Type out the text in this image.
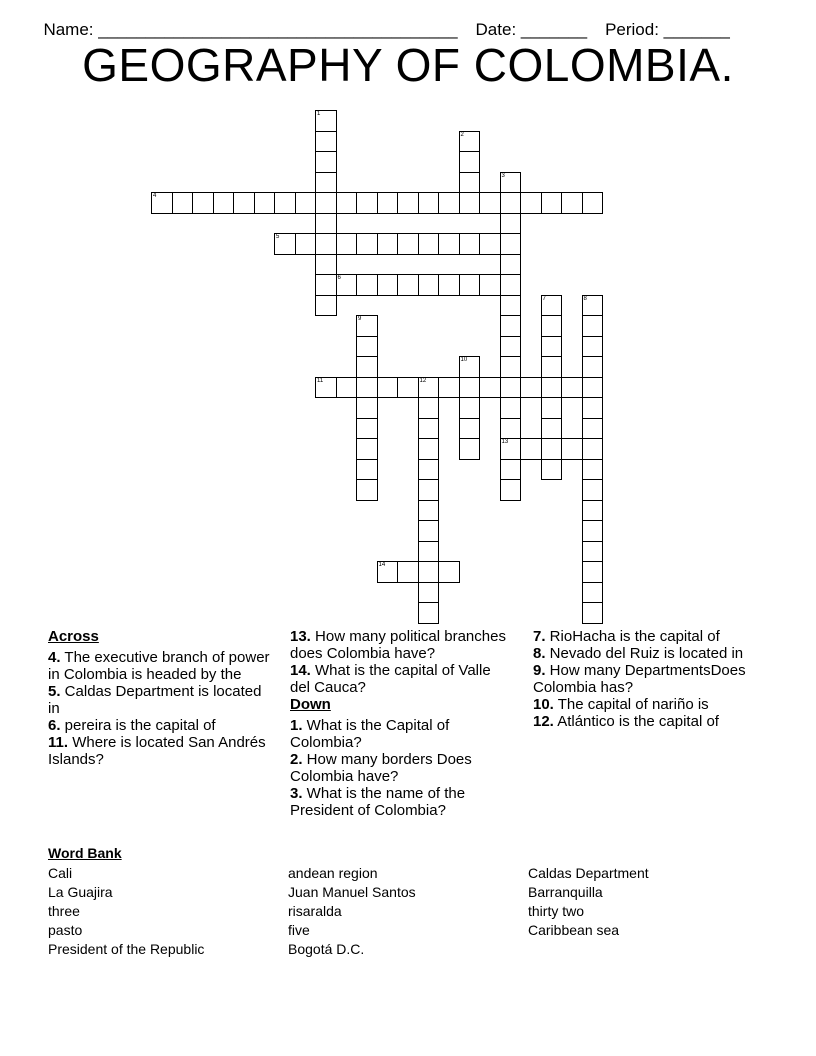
Name: ______________________________________ Date: _______ Period: _______

GEOGRAPHY OF COLOMBIA.
1
2
3
13
4
5
6
7	8
9
10
11	12
14
Across
4. The executive branch of power in Colombia is headed by the
5. Caldas Department is located in
6. pereira is the capital of
11. Where is located San Andrés Islands?
13. How many political branches does Colombia have?
14. What is the capital of Valle del Cauca?
Down
1. What is the Capital of Colombia?
2. How many borders Does Colombia have?
3. What is the name of the President of Colombia?
7. RioHacha is the capital of
8. Nevado del Ruiz is located in
9. How many DepartmentsDoes Colombia has?
10. The capital of nariño is
12. Atlántico is the capital of
Word Bank
Cali
La Guajira
three
pasto
President of the Republic
andean region
Juan Manuel Santos
risaralda
five
Bogotá D.C.
Caldas Department
Barranquilla
thirty two
Caribbean sea
